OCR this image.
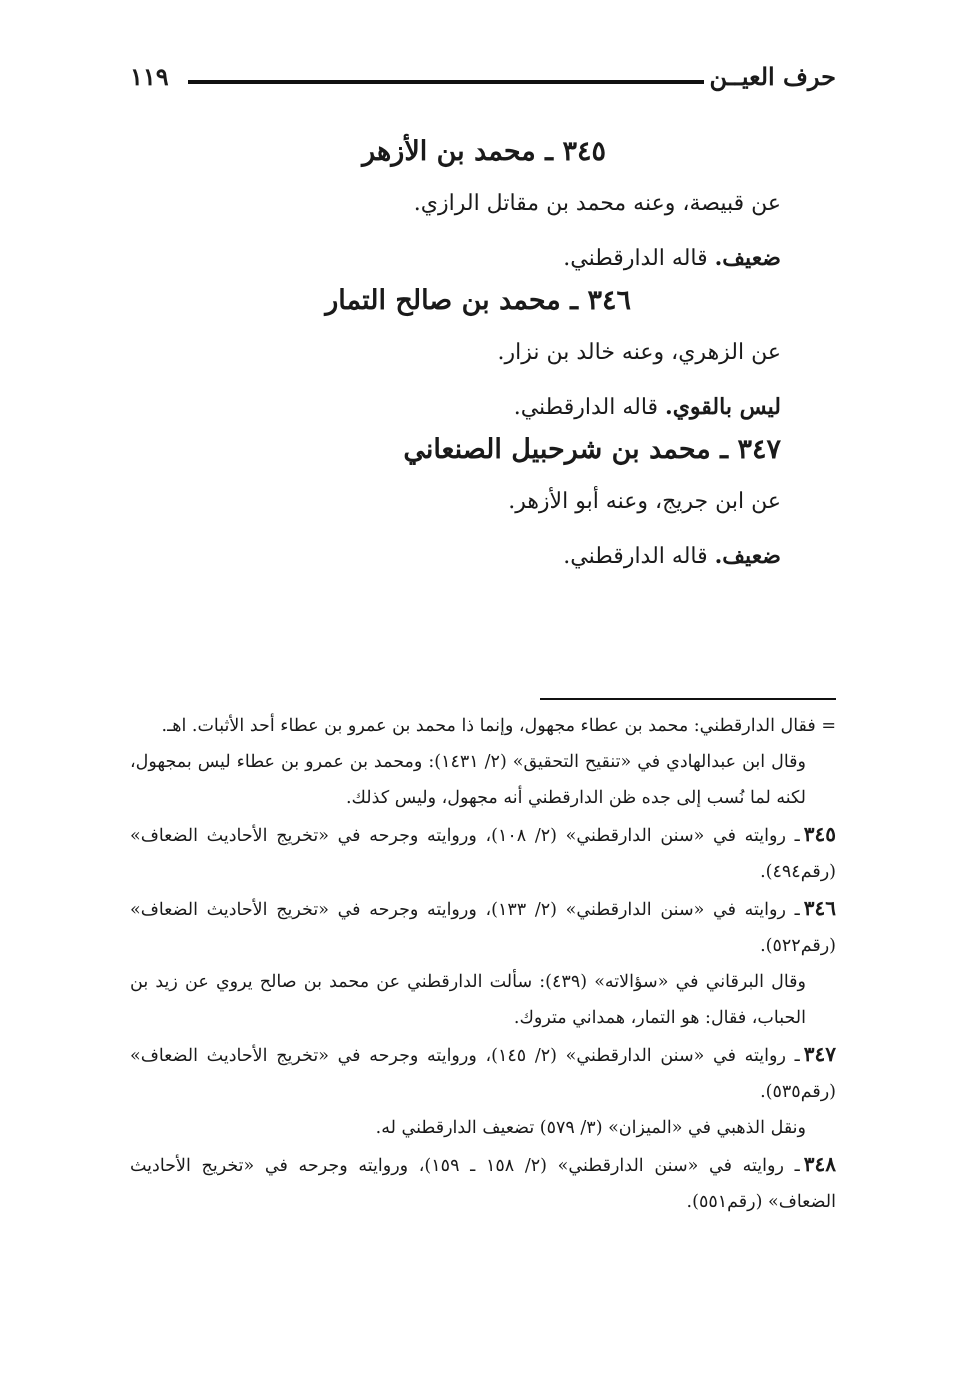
حرف العيــن
١١٩
٣٤٥ ـ محمد بن الأزهر
عن قبيصة، وعنه محمد بن مقاتل الرازي.
ضعيف. قاله الدارقطني.
٣٤٦ ـ محمد بن صالح التمار
عن الزهري، وعنه خالد بن نزار.
ليس بالقوي. قاله الدارقطني.
٣٤٧ ـ محمد بن شرحبيل الصنعاني
عن ابن جريج، وعنه أبو الأزهر.
ضعيف. قاله الدارقطني.

= فقال الدارقطني: محمد بن عطاء مجهول، وإنما ذا محمد بن عمرو بن عطاء أحد الأثبات. اهـ.

وقال ابن عبدالهادي في «تنقيح التحقيق» (٢/ ١٤٣١): ومحمد بن عمرو بن عطاء ليس بمجهول، لكنه لما نُسب إلى جده ظن الدارقطني أنه مجهول، وليس كذلك.

٣٤٥ـ روايته في «سنن الدارقطني» (٢/ ١٠٨)، وروايته وجرحه في «تخريج الأحاديث الضعاف» (رقم٤٩٤).

٣٤٦ـ روايته في «سنن الدارقطني» (٢/ ١٣٣)، وروايته وجرحه في «تخريج الأحاديث الضعاف» (رقم٥٢٢).

وقال البرقاني في «سؤالاته» (٤٣٩): سألت الدارقطني عن محمد بن صالح يروي عن زيد بن الحباب، فقال: هو التمار، همداني متروك.

٣٤٧ـ روايته في «سنن الدارقطني» (٢/ ١٤٥)، وروايته وجرحه في «تخريج الأحاديث الضعاف» (رقم٥٣٥).

ونقل الذهبي في «الميزان» (٣/ ٥٧٩) تضعيف الدارقطني له.

٣٤٨ـ روايته في «سنن الدارقطني» (٢/ ١٥٨ ـ ١٥٩)، وروايته وجرحه في «تخريج الأحاديث الضعاف» (رقم٥٥١).
